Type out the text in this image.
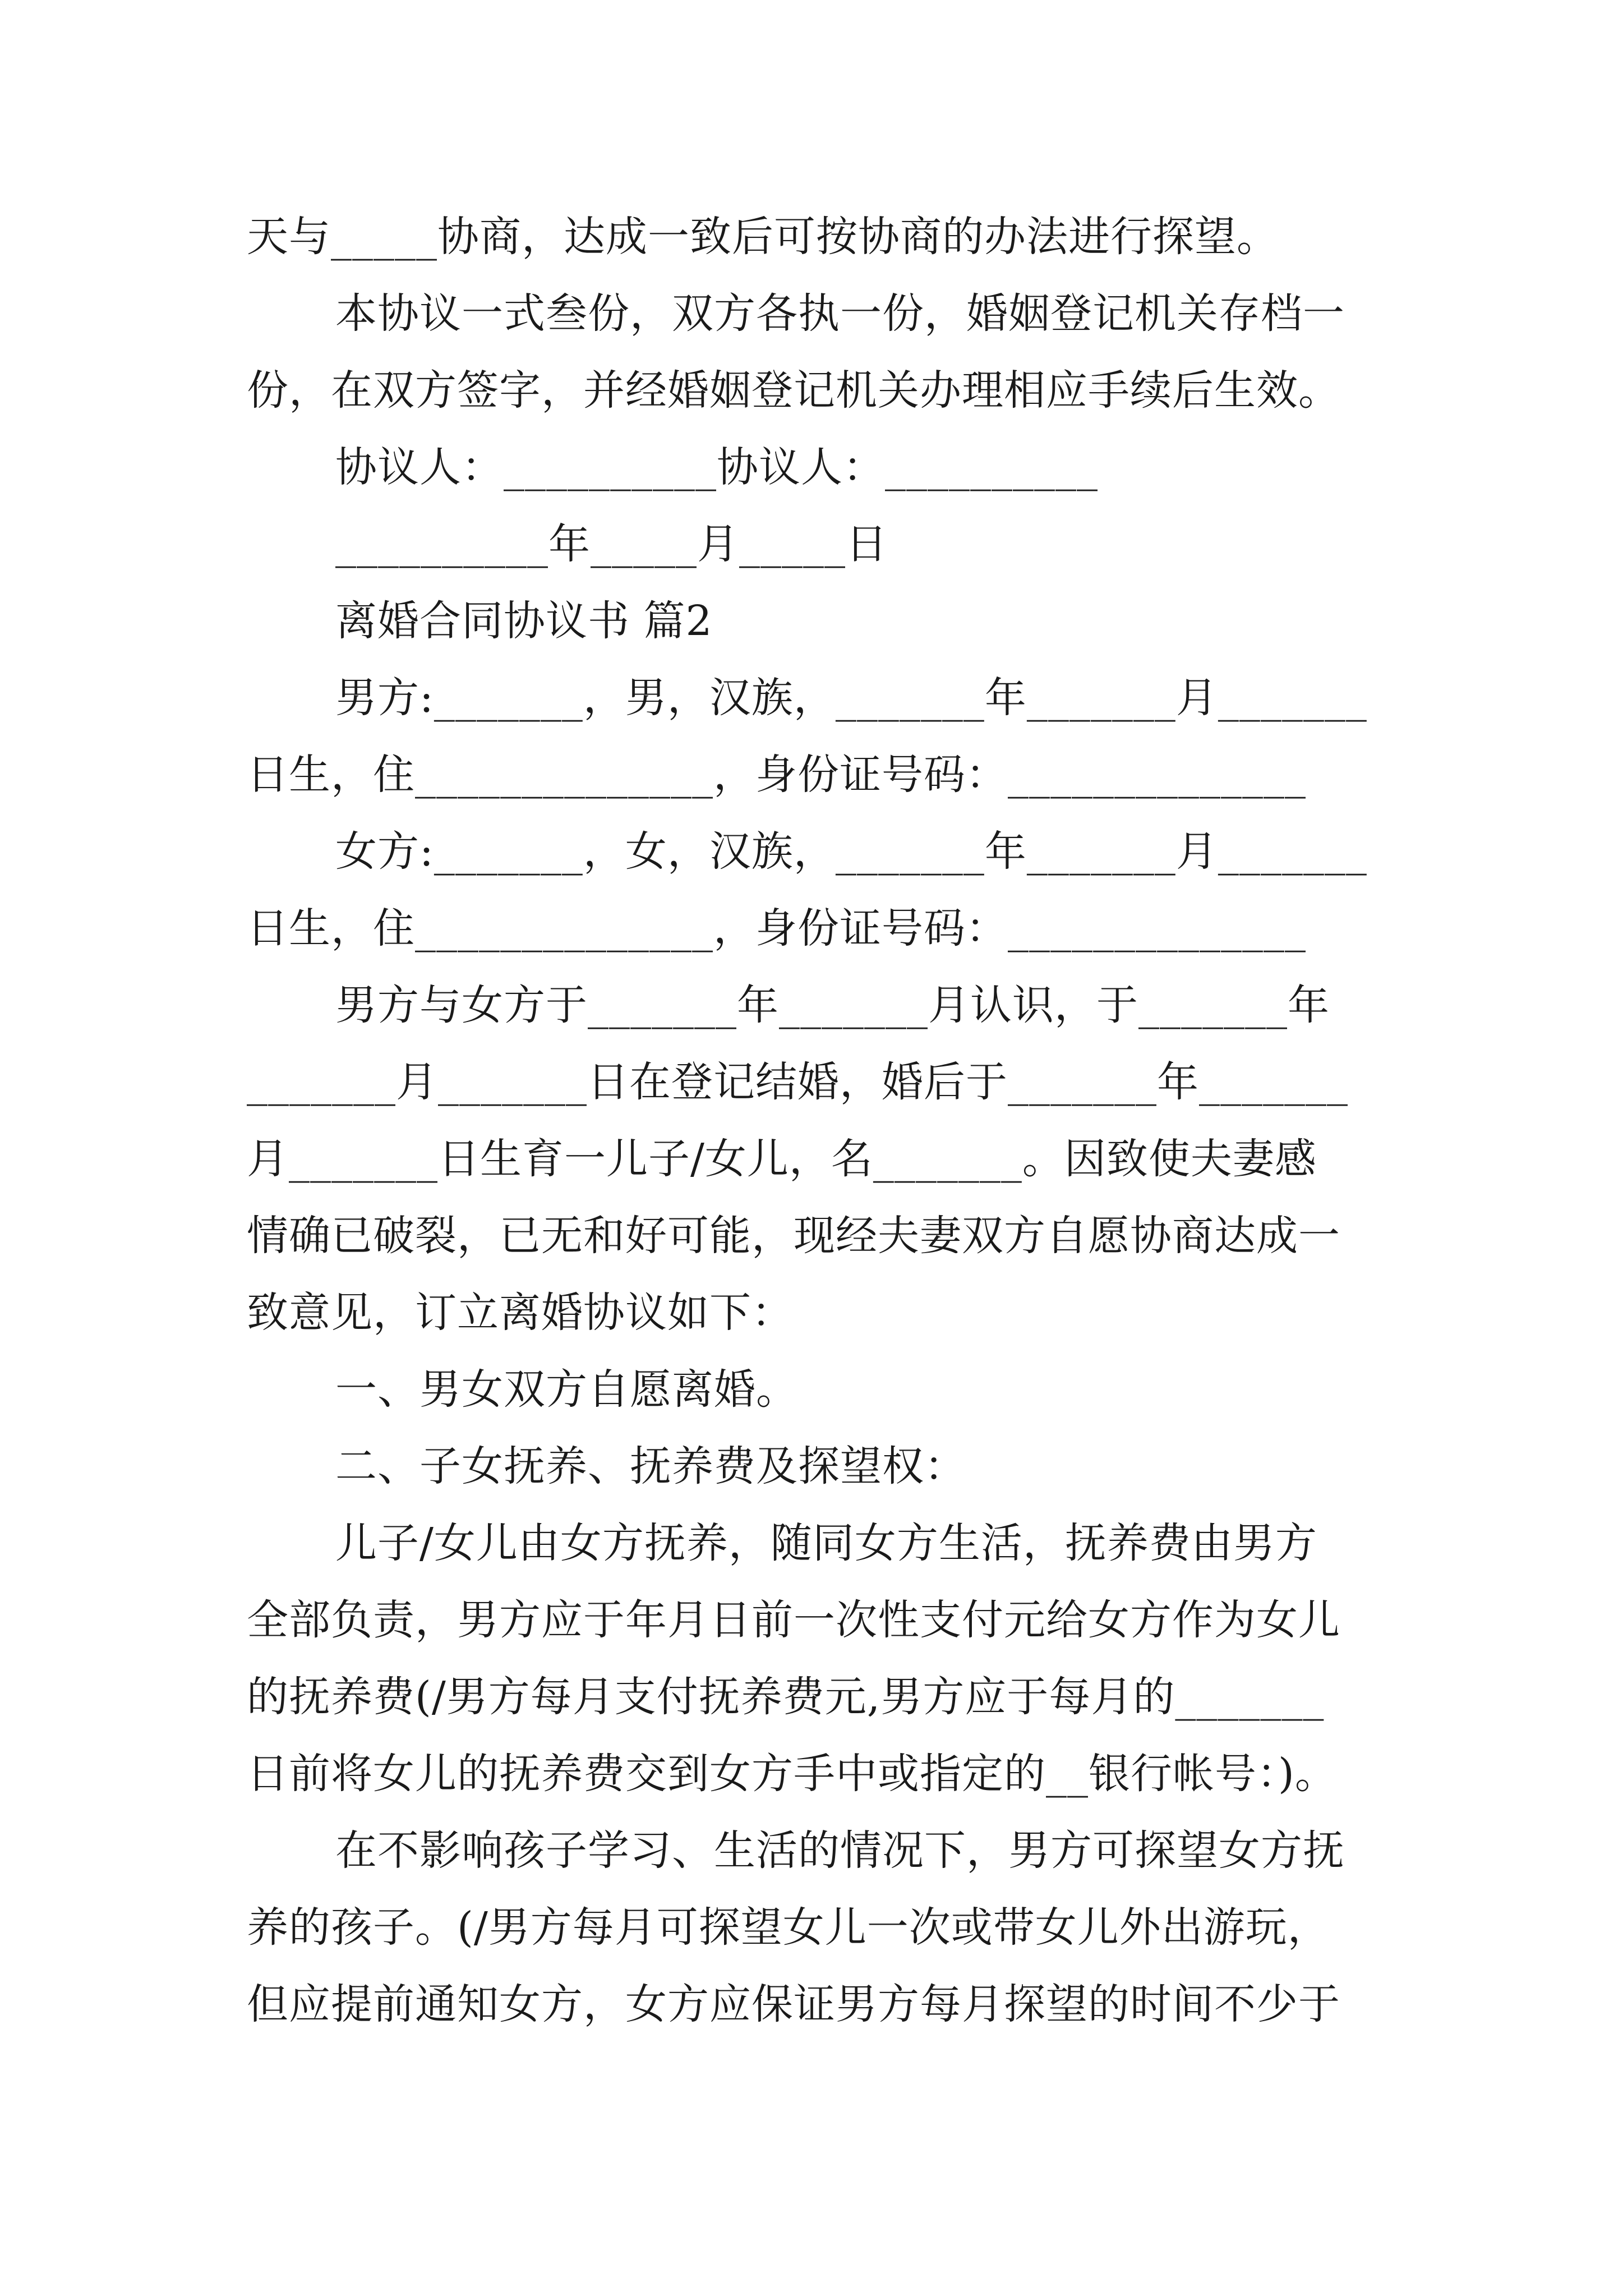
天与_____协商，达成一致后可按协商的办法进行探望。
本协议一式叁份，双方各执一份，婚姻登记机关存档一
份，在双方签字，并经婚姻登记机关办理相应手续后生效。
协议人：__________协议人：__________
__________年_____月_____日
离婚合同协议书 篇2
男方:_______，男，汉族，_______年_______月_______
日生，住______________，身份证号码：______________
女方:_______，女，汉族，_______年_______月_______
日生，住______________，身份证号码：______________
男方与女方于_______年_______月认识，于_______年
_______月_______日在登记结婚，婚后于_______年_______
月_______日生育一儿子/女儿，名_______。因致使夫妻感
情确已破裂，已无和好可能，现经夫妻双方自愿协商达成一
致意见，订立离婚协议如下：
一、男女双方自愿离婚。
二、子女抚养、抚养费及探望权：
儿子/女儿由女方抚养，随同女方生活，抚养费由男方
全部负责，男方应于年月日前一次性支付元给女方作为女儿
的抚养费(/男方每月支付抚养费元,男方应于每月的_______
日前将女儿的抚养费交到女方手中或指定的__银行帐号：)。
在不影响孩子学习、生活的情况下，男方可探望女方抚
养的孩子。(/男方每月可探望女儿一次或带女儿外出游玩，
但应提前通知女方，女方应保证男方每月探望的时间不少于
